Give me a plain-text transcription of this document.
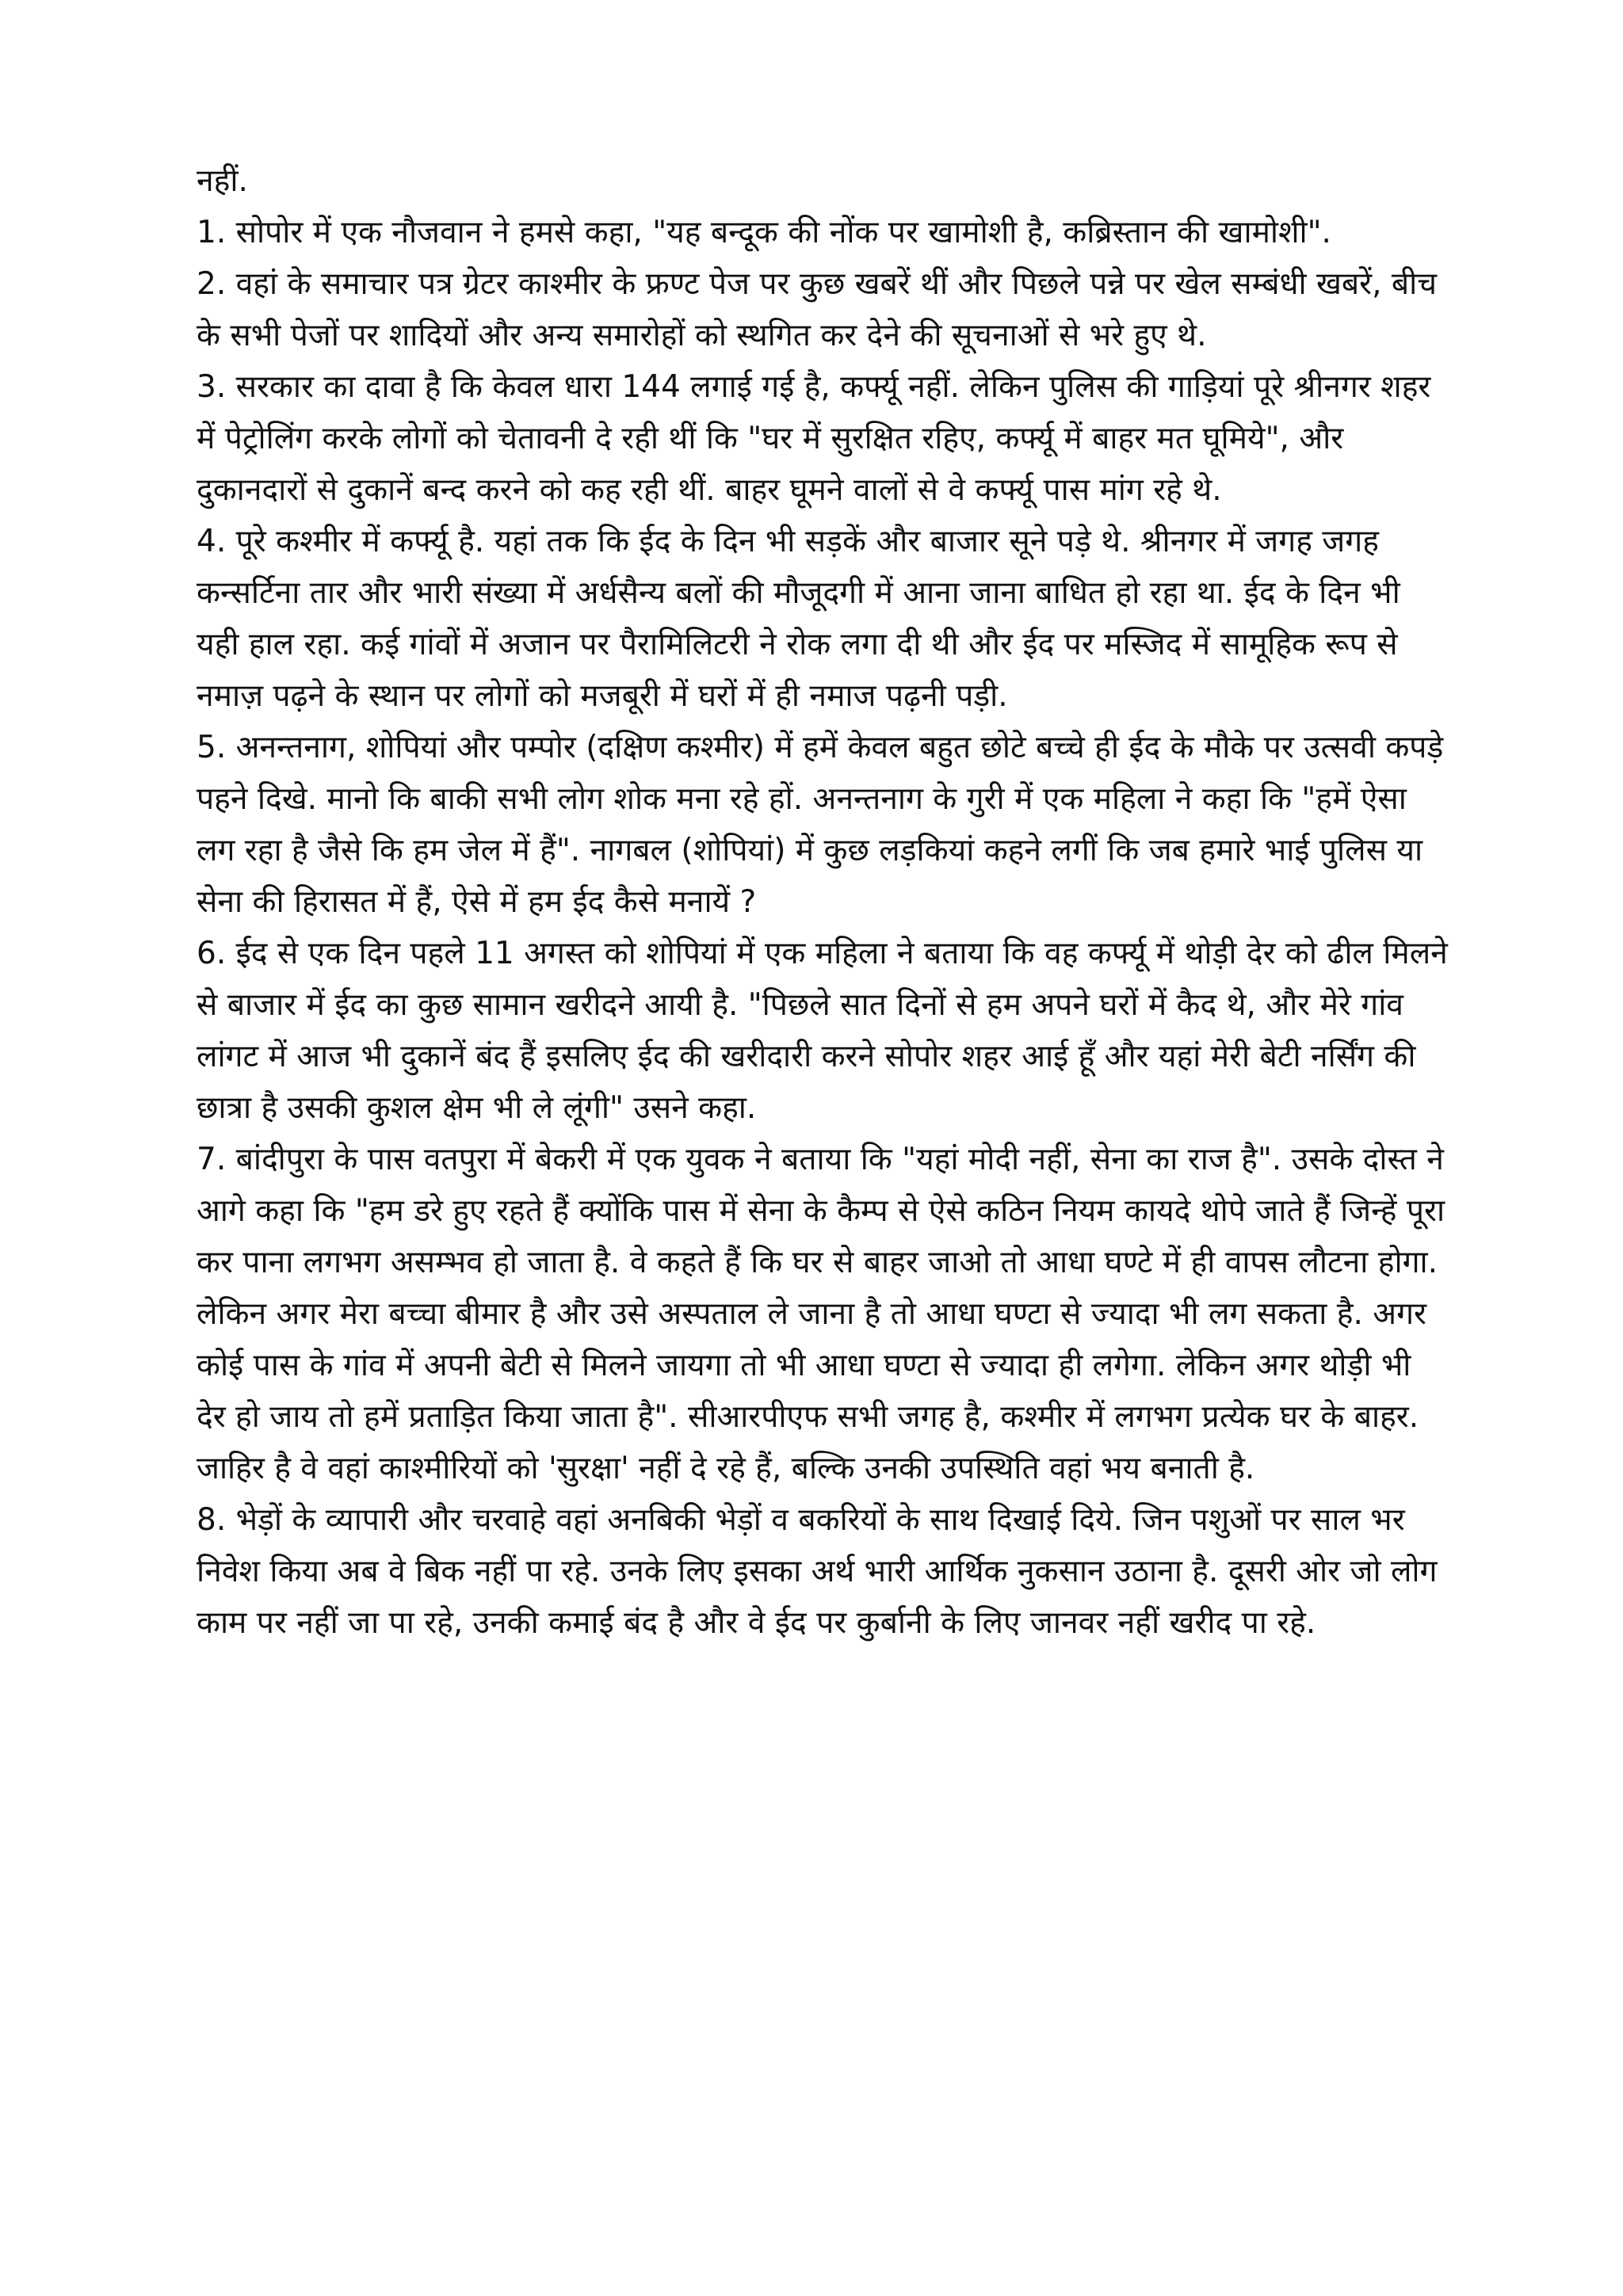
नहीं.

1. सोपोर में एक नौजवान ने हमसे कहा, "यह बन्दूक की नोंक पर खामोशी है, कब्रिस्तान की खामोशी".

2. वहां के समाचार पत्र ग्रेटर काश्मीर के फ्रण्ट पेज पर कुछ खबरें थीं और पिछले पन्ने पर खेल सम्बंधी खबरें, बीच के सभी पेजों पर शादियों और अन्य समारोहों को स्थगित कर देने की सूचनाओं से भरे हुए थे.

3. सरकार का दावा है कि केवल धारा 144 लगाई गई है, कर्फ्यू नहीं. लेकिन पुलिस की गाड़ियां पूरे श्रीनगर शहर में पेट्रोलिंग करके लोगों को चेतावनी दे रही थीं कि "घर में सुरक्षित रहिए, कर्फ्यू में बाहर मत घूमिये", और दुकानदारों से दुकानें बन्द करने को कह रही थीं. बाहर घूमने वालों से वे कर्फ्यू पास मांग रहे थे.

4. पूरे कश्मीर में कर्फ्यू है. यहां तक कि ईद के दिन भी सड़कें और बाजार सूने पड़े थे. श्रीनगर में जगह जगह कन्सर्टिना तार और भारी संख्या में अर्धसैन्य बलों की मौजूदगी में आना जाना बाधित हो रहा था. ईद के दिन भी यही हाल रहा. कई गांवों में अजान पर पैरामिलिटरी ने रोक लगा दी थी और ईद पर मस्जिद में सामूहिक रूप से नमाज़ पढ़ने के स्थान पर लोगों को मजबूरी में घरों में ही नमाज पढ़नी पड़ी.

5. अनन्तनाग, शोपियां और पम्पोर (दक्षिण कश्मीर) में हमें केवल बहुत छोटे बच्चे ही ईद के मौके पर उत्सवी कपड़े पहने दिखे. मानो कि बाकी सभी लोग शोक मना रहे हों. अनन्तनाग के गुरी में एक महिला ने कहा कि "हमें ऐसा लग रहा है जैसे कि हम जेल में हैं". नागबल (शोपियां) में कुछ लड़कियां कहने लगीं कि जब हमारे भाई पुलिस या सेना की हिरासत में हैं, ऐसे में हम ईद कैसे मनायें ?

6. ईद से एक दिन पहले 11 अगस्त को शोपियां में एक महिला ने बताया कि वह कर्फ्यू में थोड़ी देर को ढील मिलने से बाजार में ईद का कुछ सामान खरीदने आयी है. "पिछले सात दिनों से हम अपने घरों में कैद थे, और मेरे गांव लांगट में आज भी दुकानें बंद हैं इसलिए ईद की खरीदारी करने सोपोर शहर आई हूँ और यहां मेरी बेटी नर्सिंग की छात्रा है उसकी कुशल क्षेम भी ले लूंगी" उसने कहा.

7. बांदीपुरा के पास वतपुरा में बेकरी में एक युवक ने बताया कि "यहां मोदी नहीं, सेना का राज है". उसके दोस्त ने आगे कहा कि "हम डरे हुए रहते हैं क्योंकि पास में सेना के कैम्प से ऐसे कठिन नियम कायदे थोपे जाते हैं जिन्हें पूरा कर पाना लगभग असम्भव हो जाता है. वे कहते हैं कि घर से बाहर जाओ तो आधा घण्टे में ही वापस लौटना होगा. लेकिन अगर मेरा बच्चा बीमार है और उसे अस्पताल ले जाना है तो आधा घण्टा से ज्यादा भी लग सकता है. अगर कोई पास के गांव में अपनी बेटी से मिलने जायगा तो भी आधा घण्टा से ज्यादा ही लगेगा. लेकिन अगर थोड़ी भी देर हो जाय तो हमें प्रताड़ित किया जाता है". सीआरपीएफ सभी जगह है, कश्मीर में लगभग प्रत्येक घर के बाहर. जाहिर है वे वहां काश्मीरियों को 'सुरक्षा' नहीं दे रहे हैं, बल्कि उनकी उपस्थिति वहां भय बनाती है.

8. भेड़ों के व्यापारी और चरवाहे वहां अनबिकी भेड़ों व बकरियों के साथ दिखाई दिये. जिन पशुओं पर साल भर निवेश किया अब वे बिक नहीं पा रहे. उनके लिए इसका अर्थ भारी आर्थिक नुकसान उठाना है. दूसरी ओर जो लोग काम पर नहीं जा पा रहे, उनकी कमाई बंद है और वे ईद पर कुर्बानी के लिए जानवर नहीं खरीद पा रहे.
